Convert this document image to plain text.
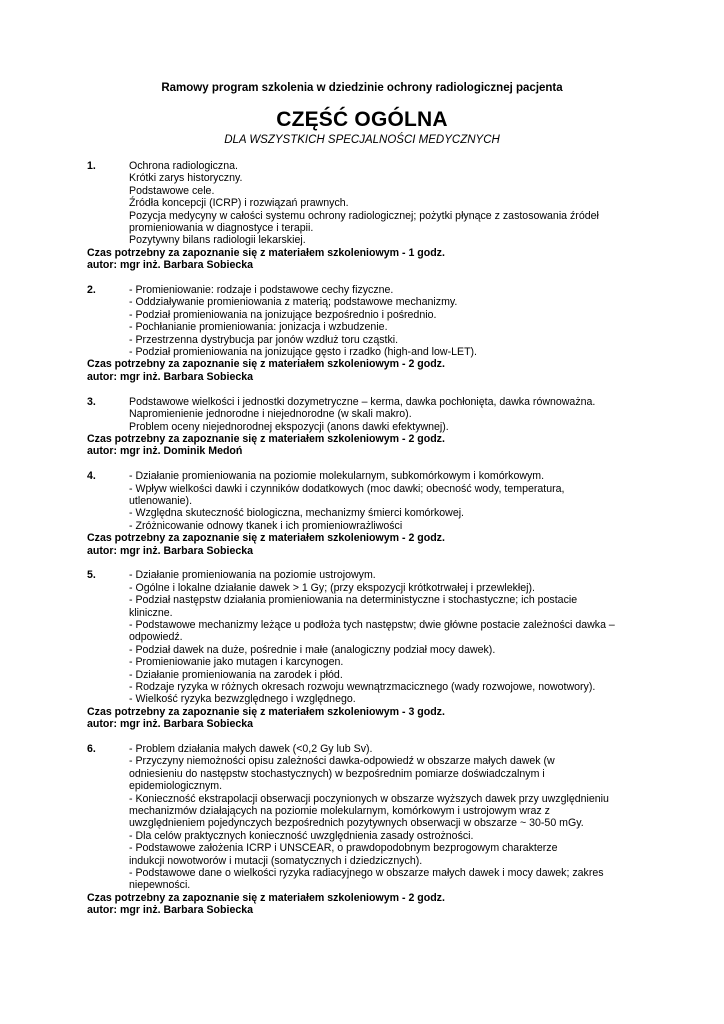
Ramowy program szkolenia w dziedzinie ochrony radiologicznej pacjenta
CZĘŚĆ OGÓLNA
DLA WSZYSTKICH SPECJALNOŚCI MEDYCZNYCH
1.	Ochrona radiologiczna.
Krótki zarys historyczny.
Podstawowe cele.
Źródła koncepcji (ICRP) i rozwiązań prawnych.
Pozycja medycyny w całości systemu ochrony radiologicznej; pożytki płynące z zastosowania źródeł
promieniowania w diagnostyce i terapii.
Pozytywny bilans radiologii lekarskiej.
Czas potrzebny za zapoznanie się z materiałem szkoleniowym - 1 godz.
autor: mgr inż. Barbara Sobiecka
2.	- Promieniowanie: rodzaje i podstawowe cechy fizyczne.
- Oddziaływanie promieniowania z materią; podstawowe mechanizmy.
- Podział promieniowania na jonizujące bezpośrednio i pośrednio.
- Pochłanianie promieniowania: jonizacja i wzbudzenie.
- Przestrzenna dystrybucja par jonów wzdłuż toru cząstki.
- Podział promieniowania na jonizujące gęsto i rzadko (high-and low-LET).
Czas potrzebny za zapoznanie się z materiałem szkoleniowym - 2 godz.
autor: mgr inż. Barbara Sobiecka
3.	Podstawowe wielkości i jednostki dozymetryczne – kerma, dawka pochłonięta, dawka równoważna.
Napromienienie jednorodne i niejednorodne (w skali makro).
Problem oceny niejednorodnej ekspozycji (anons dawki efektywnej).
Czas potrzebny za zapoznanie się z materiałem szkoleniowym - 2 godz.
autor: mgr inż. Dominik Medoń
4.	- Działanie promieniowania na poziomie molekularnym, subkomórkowym i komórkowym.
- Wpływ wielkości dawki i czynników dodatkowych (moc dawki; obecność wody, temperatura,
utlenowanie).
- Względna skuteczność biologiczna, mechanizmy śmierci komórkowej.
- Zróżnicowanie odnowy tkanek i ich promieniowrażliwości
Czas potrzebny za zapoznanie się z materiałem szkoleniowym - 2 godz.
autor: mgr inż. Barbara Sobiecka
5.	- Działanie promieniowania na poziomie ustrojowym.
- Ogólne i lokalne działanie dawek > 1 Gy; (przy ekspozycji krótkotrwałej i przewlekłej).
- Podział następstw działania promieniowania na deterministyczne i stochastyczne; ich postacie
kliniczne.
- Podstawowe mechanizmy leżące u podłoża tych następstw; dwie główne postacie zależności dawka –
odpowiedź.
- Podział dawek na duże, pośrednie i małe (analogiczny podział mocy dawek).
- Promieniowanie jako mutagen i karcynogen.
- Działanie promieniowania na zarodek i płód.
- Rodzaje ryzyka w różnych okresach rozwoju wewnątrzmacicznego (wady rozwojowe, nowotwory).
- Wielkość ryzyka bezwzględnego i względnego.
Czas potrzebny za zapoznanie się z materiałem szkoleniowym - 3 godz.
autor: mgr inż. Barbara Sobiecka
6.	- Problem działania małych dawek (<0,2 Gy lub Sv).
- Przyczyny niemożności opisu zależności dawka-odpowiedź w obszarze małych dawek (w
odniesieniu do następstw stochastycznych) w bezpośrednim pomiarze doświadczalnym i
epidemiologicznym.
- Konieczność ekstrapolacji obserwacji poczynionych w obszarze wyższych dawek przy uwzględnieniu
mechanizmów działających na poziomie molekularnym, komórkowym i ustrojowym wraz z
uwzględnieniem pojedynczych bezpośrednich pozytywnych obserwacji w obszarze ~ 30-50 mGy.
- Dla celów praktycznych konieczność uwzględnienia zasady ostrożności.
- Podstawowe założenia ICRP i UNSCEAR, o prawdopodobnym bezprogowym charakterze
indukcji nowotworów i mutacji (somatycznych i dziedzicznych).
- Podstawowe dane o wielkości ryzyka radiacyjnego w obszarze małych dawek i mocy dawek; zakres
niepewności.
Czas potrzebny za zapoznanie się z materiałem szkoleniowym - 2 godz.
autor: mgr inż. Barbara Sobiecka
